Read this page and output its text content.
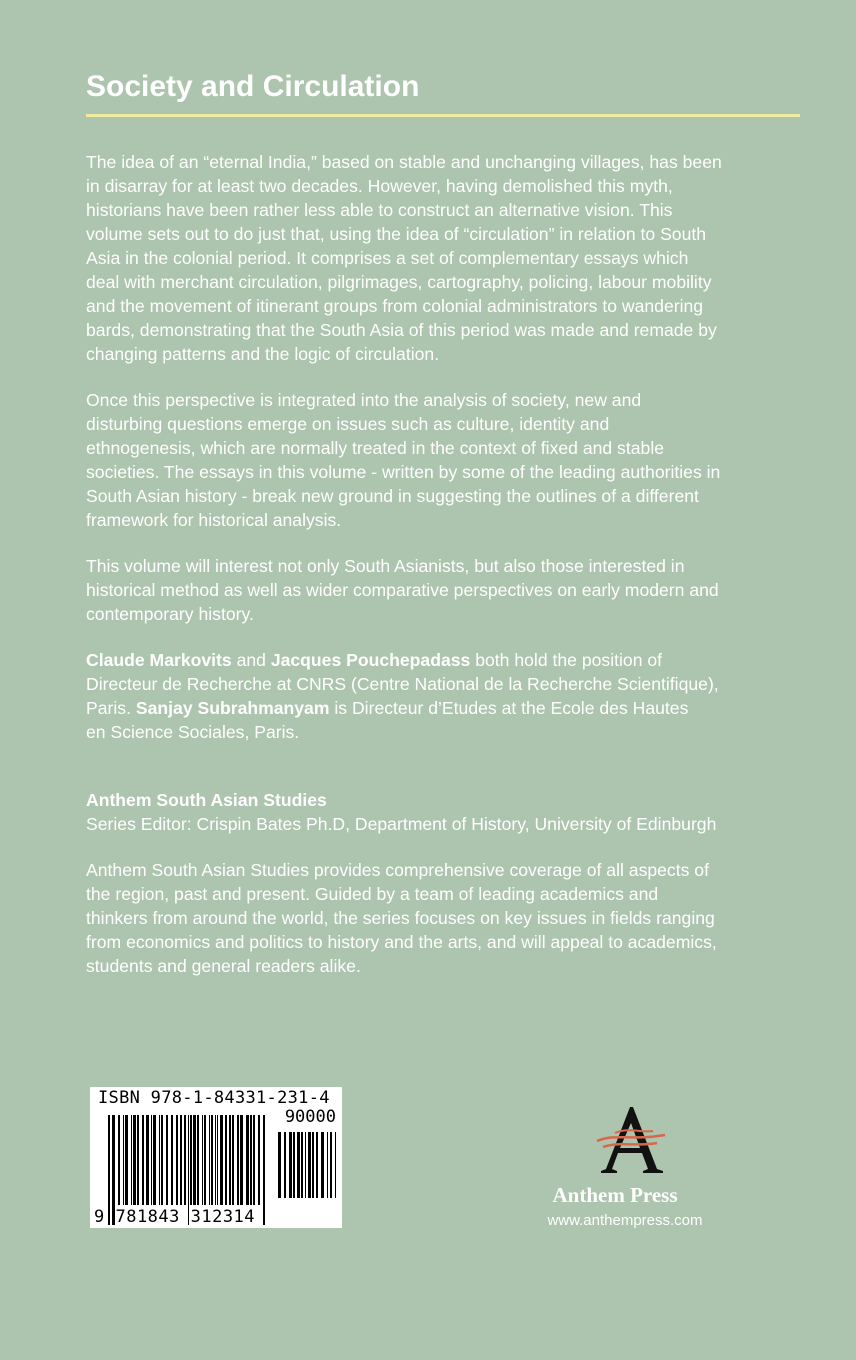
Society and Circulation
The idea of an “eternal India,” based on stable and unchanging villages, has been
in disarray for at least two decades. However, having demolished this myth,
historians have been rather less able to construct an alternative vision. This
volume sets out to do just that, using the idea of “circulation” in relation to South
Asia in the colonial period. It comprises a set of complementary essays which
deal with merchant circulation, pilgrimages, cartography, policing, labour mobility
and the movement of itinerant groups from colonial administrators to wandering
bards, demonstrating that the South Asia of this period was made and remade by
changing patterns and the logic of circulation.
Once this perspective is integrated into the analysis of society, new and
disturbing questions emerge on issues such as culture, identity and
ethnogenesis, which are normally treated in the context of fixed and stable
societies. The essays in this volume - written by some of the leading authorities in
South Asian history - break new ground in suggesting the outlines of a different
framework for historical analysis.
This volume will interest not only South Asianists, but also those interested in
historical method as well as wider comparative perspectives on early modern and
contemporary history.
Claude Markovits and Jacques Pouchepadass both hold the position of
Directeur de Recherche at CNRS (Centre National de la Recherche Scientifique),
Paris. Sanjay Subrahmanyam is Directeur d’Etudes at the Ecole des Hautes
en Science Sociales, Paris.
Anthem South Asian Studies
Series Editor: Crispin Bates Ph.D, Department of History, University of Edinburgh
Anthem South Asian Studies provides comprehensive coverage of all aspects of
the region, past and present. Guided by a team of leading academics and
thinkers from around the world, the series focuses on key issues in fields ranging
from economics and politics to history and the arts, and will appeal to academics,
students and general readers alike.
ISBN 978-1-84331-231-4
90000
9 781843 312314
Anthem Press
www.anthempress.com
